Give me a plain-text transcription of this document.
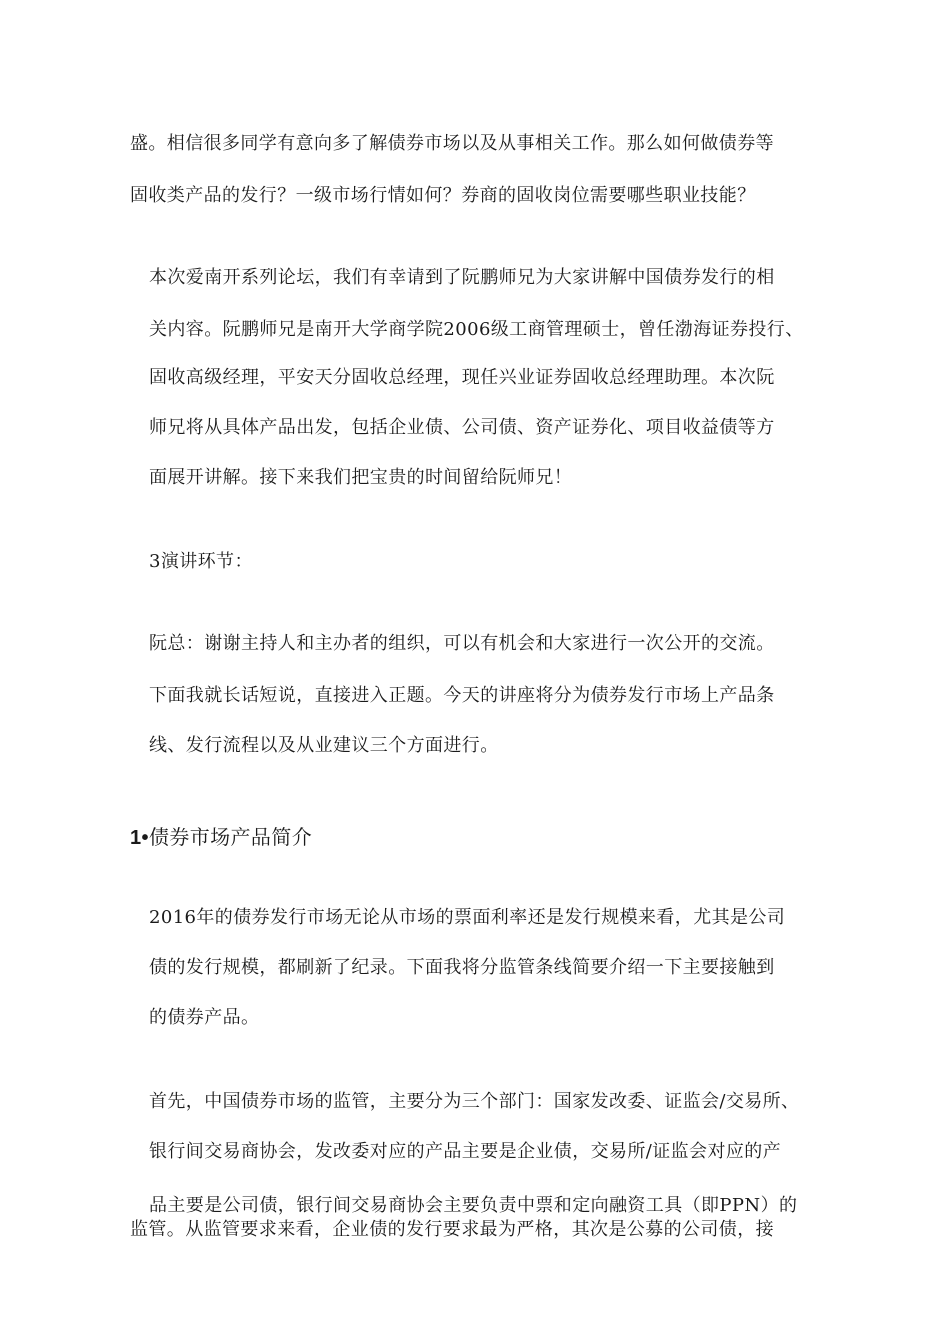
盛。相信很多同学有意向多了解债券市场以及从事相关工作。那么如何做债券等
固收类产品的发行？一级市场行情如何？券商的固收岗位需要哪些职业技能？
本次爱南开系列论坛，我们有幸请到了阮鹏师兄为大家讲解中国债券发行的相
关内容。阮鹏师兄是南开大学商学院2006级工商管理硕士，曾任渤海证券投行、
固收高级经理，平安天分固收总经理，现任兴业证券固收总经理助理。本次阮
师兄将从具体产品出发，包括企业债、公司债、资产证券化、项目收益债等方
面展开讲解。接下来我们把宝贵的时间留给阮师兄！
3演讲环节：
阮总：谢谢主持人和主办者的组织，可以有机会和大家进行一次公开的交流。
下面我就长话短说，直接进入正题。今天的讲座将分为债券发行市场上产品条
线、发行流程以及从业建议三个方面进行。
1•债券市场产品简介
2016年的债券发行市场无论从市场的票面利率还是发行规模来看，尤其是公司
债的发行规模，都刷新了纪录。下面我将分监管条线简要介绍一下主要接触到
的债券产品。
首先，中国债券市场的监管，主要分为三个部门：国家发改委、证监会/交易所、
银行间交易商协会，发改委对应的产品主要是企业债，交易所/证监会对应的产
品主要是公司债，银行间交易商协会主要负责中票和定向融资工具（即PPN）的
监管。从监管要求来看，企业债的发行要求最为严格，其次是公募的公司债，接
